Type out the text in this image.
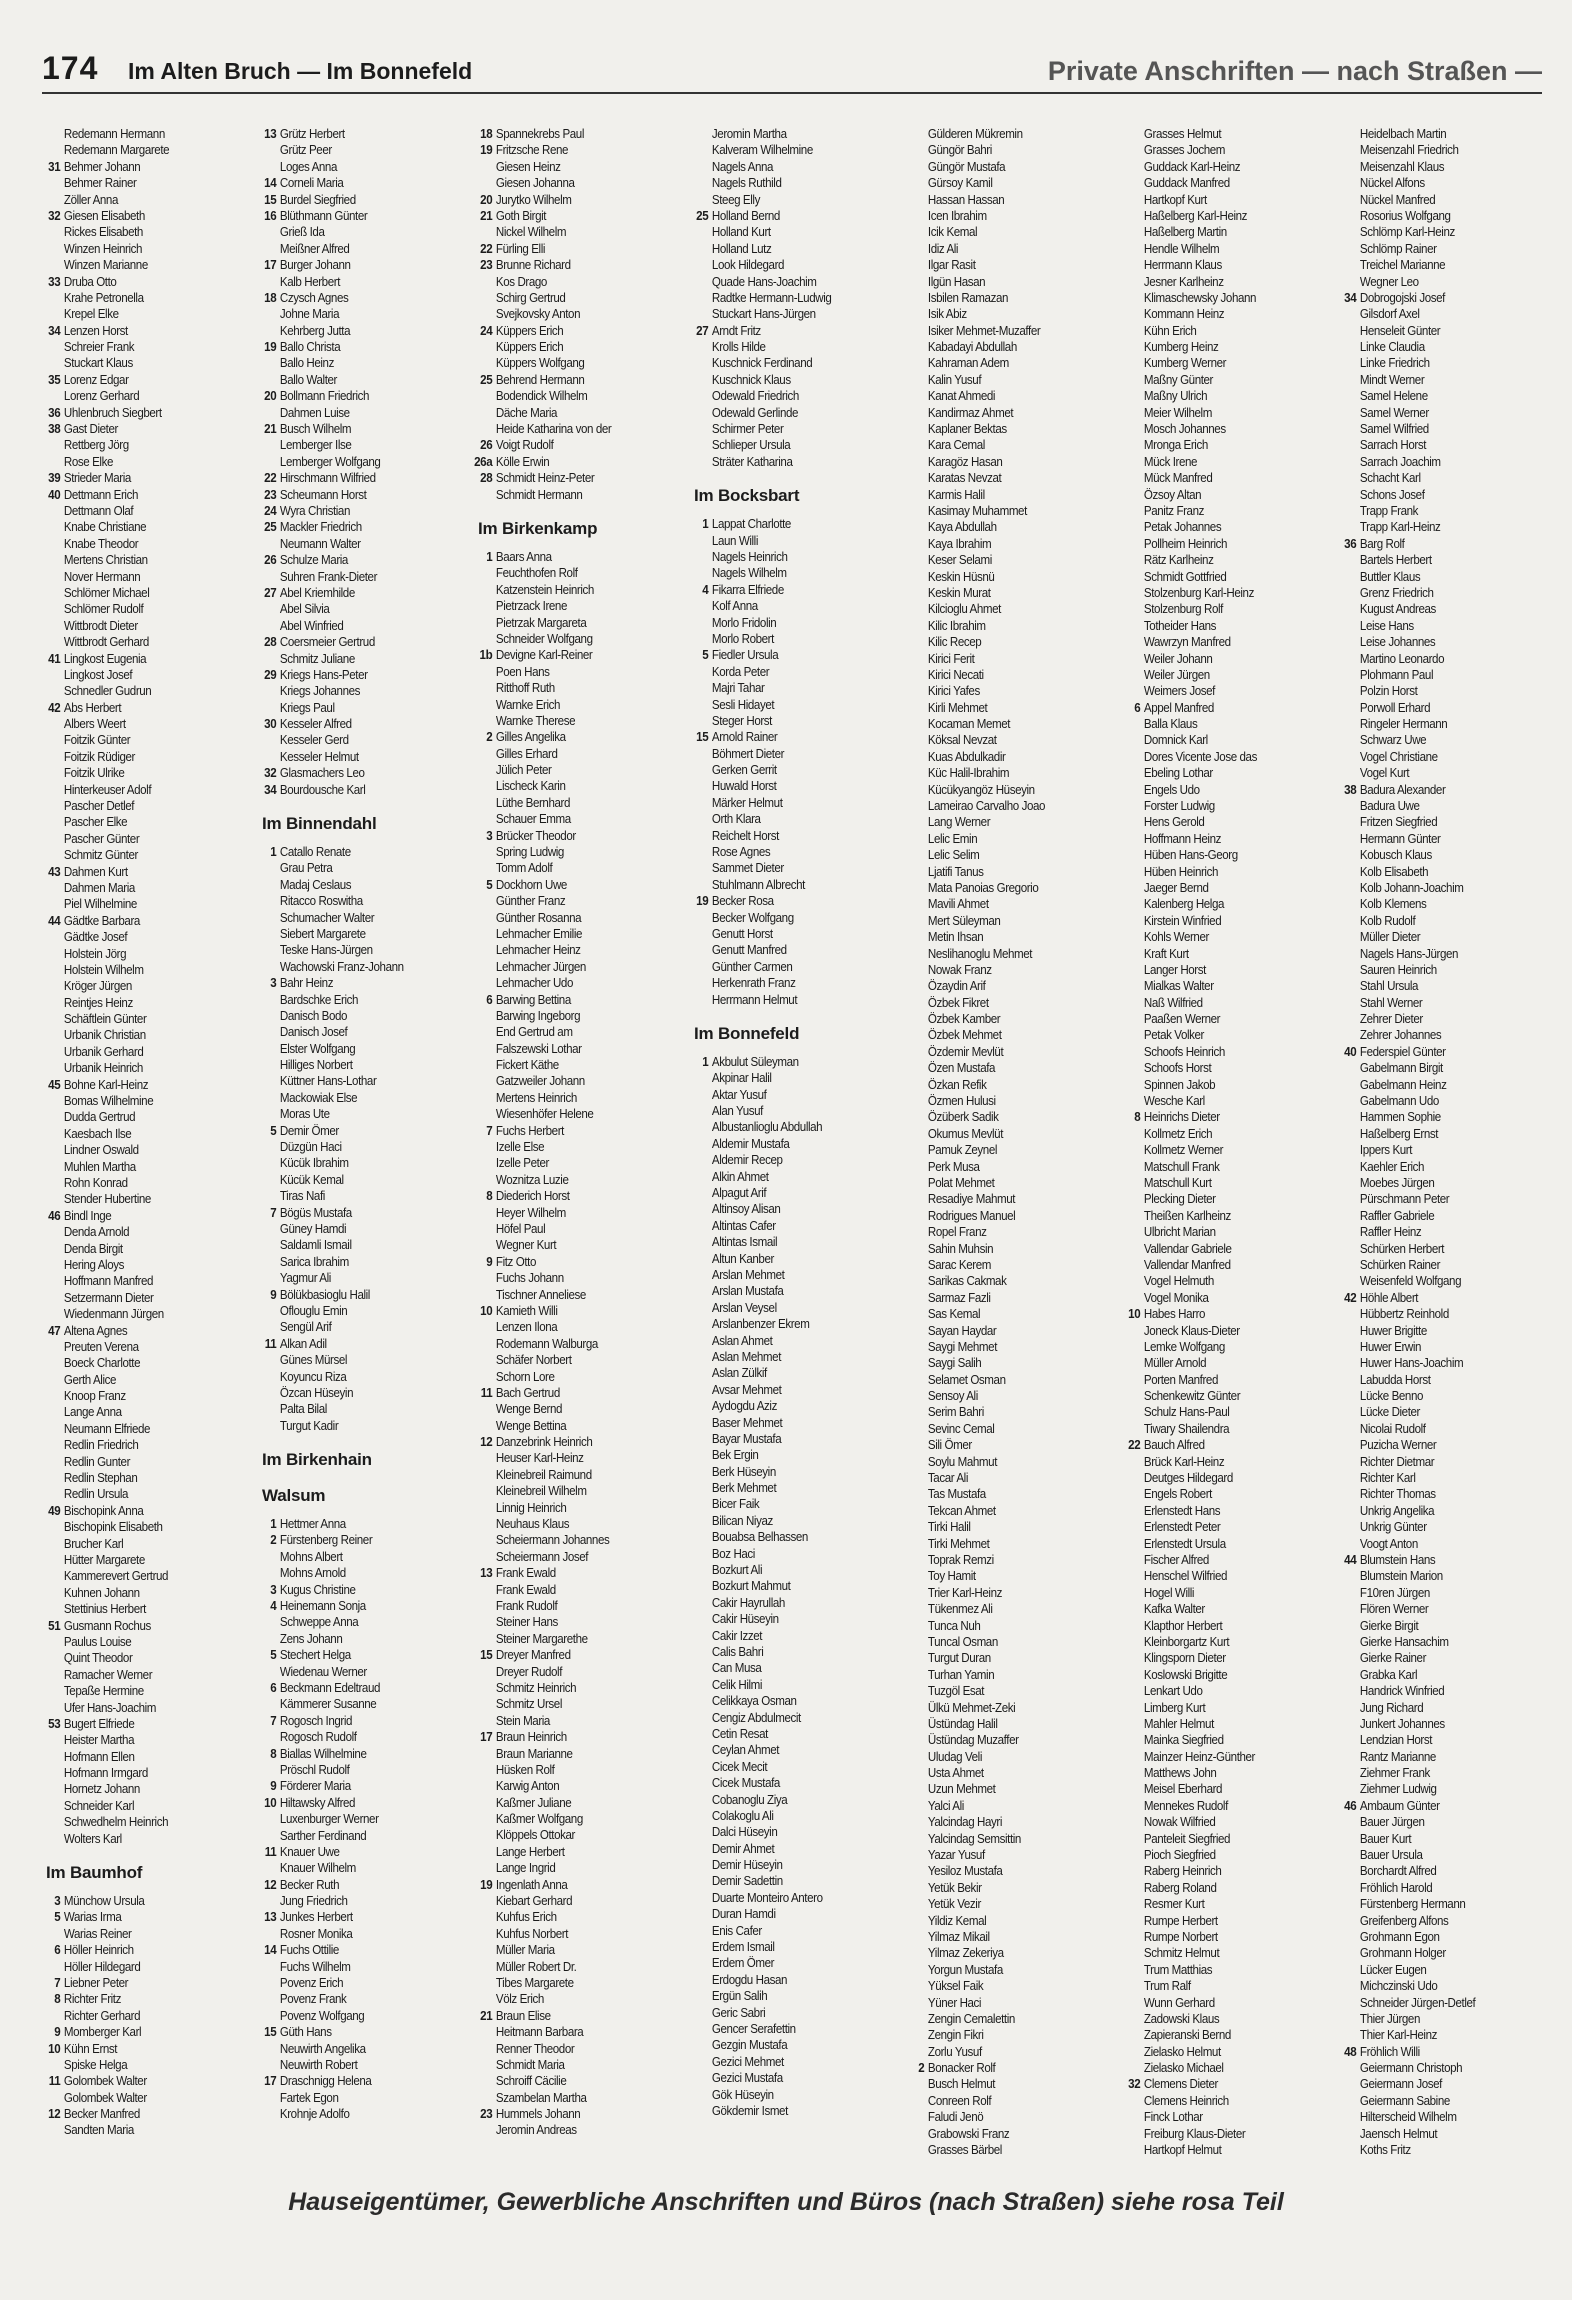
174 Im Alten Bruch — Im Bonnefeld	Private Anschriften — nach Straßen —
Redemann Hermann
Redemann Margarete
31 Behmer Johann
Behmer Rainer
Zöller Anna
32 Giesen Elisabeth
Rickes Elisabeth
Winzen Heinrich
Winzen Marianne
33 Druba Otto
Krahe Petronella
Krepel Elke
34 Lenzen Horst
Schreier Frank
Stuckart Klaus
35 Lorenz Edgar
Lorenz Gerhard
36 Uhlenbruch Siegbert
38 Gast Dieter
Rettberg Jörg
Rose Elke
39 Strieder Maria
40 Dettmann Erich
Dettmann Olaf
Knabe Christiane
Knabe Theodor
Mertens Christian
Nover Hermann
Schlömer Michael
Schlömer Rudolf
Wittbrodt Dieter
Wittbrodt Gerhard
41 Lingkost Eugenia
Lingkost Josef
Schnedler Gudrun
42 Abs Herbert
Albers Weert
Foitzik Günter
Foitzik Rüdiger
Foitzik Ulrike
Hinterkeuser Adolf
Pascher Detlef
Pascher Elke
Pascher Günter
Schmitz Günter
43 Dahmen Kurt
Dahmen Maria
Piel Wilhelmine
44 Gädtke Barbara
Gädtke Josef
Holstein Jörg
Holstein Wilhelm
Kröger Jürgen
Reintjes Heinz
Schäftlein Günter
Urbanik Christian
Urbanik Gerhard
Urbanik Heinrich
45 Bohne Karl-Heinz
Bomas Wilhelmine
Dudda Gertrud
Kaesbach Ilse
Lindner Oswald
Muhlen Martha
Rohn Konrad
Stender Hubertine
46 Bindl Inge
Denda Arnold
Denda Birgit
Hering Aloys
Hoffmann Manfred
Setzermann Dieter
Wiedenmann Jürgen
47 Altena Agnes
Preuten Verena
Boeck Charlotte
Gerth Alice
Knoop Franz
Lange Anna
Neumann Elfriede
Redlin Friedrich
Redlin Gunter
Redlin Stephan
Redlin Ursula
49 Bischopink Anna
Bischopink Elisabeth
Brucher Karl
Hütter Margarete
Kammerevert Gertrud
Kuhnen Johann
Stettinius Herbert
51 Gusmann Rochus
Paulus Louise
Quint Theodor
Ramacher Werner
Tepaße Hermine
Ufer Hans-Joachim
53 Bugert Elfriede
Heister Martha
Hofmann Ellen
Hofmann Irmgard
Hornetz Johann
Schneider Karl
Schwedhelm Heinrich
Wolters Karl
Im Baumhof
3 Münchow Ursula
5 Warias Irma
Warias Reiner
6 Höller Heinrich
Höller Hildegard
7 Liebner Peter
8 Richter Fritz
Richter Gerhard
9 Momberger Karl
10 Kühn Ernst
Spiske Helga
11 Golombek Walter
Golombek Walter
12 Becker Manfred
Sandten Maria
13 Grütz Herbert
Grütz Peer
Loges Anna
14 Corneli Maria
15 Burdel Siegfried
16 Blüthmann Günter
Grieß Ida
Meißner Alfred
17 Burger Johann
Kalb Herbert
18 Czysch Agnes
Johne Maria
Kehrberg Jutta
19 Ballo Christa
Ballo Heinz
Ballo Walter
20 Bollmann Friedrich
Dahmen Luise
21 Busch Wilhelm
Lemberger Ilse
Lemberger Wolfgang
22 Hirschmann Wilfried
23 Scheumann Horst
24 Wyra Christian
25 Mackler Friedrich
Neumann Walter
26 Schulze Maria
Suhren Frank-Dieter
27 Abel Kriemhilde
Abel Silvia
Abel Winfried
28 Coersmeier Gertrud
Schmitz Juliane
29 Kriegs Hans-Peter
Kriegs Johannes
Kriegs Paul
30 Kesseler Alfred
Kesseler Gerd
Kesseler Helmut
32 Glasmachers Leo
34 Bourdousche Karl
Im Binnendahl
1 Catallo Renate
Grau Petra
Madaj Ceslaus
Ritacco Roswitha
Schumacher Walter
Siebert Margarete
Teske Hans-Jürgen
Wachowski Franz-Johann
3 Bahr Heinz
Bardschke Erich
Danisch Bodo
Danisch Josef
Elster Wolfgang
Hilliges Norbert
Küttner Hans-Lothar
Mackowiak Else
Moras Ute
5 Demir Ömer
Düzgün Haci
Kücük Ibrahim
Kücük Kemal
Tiras Nafi
7 Bögüs Mustafa
Güney Hamdi
Saldamli Ismail
Sarica Ibrahim
Yagmur Ali
9 Bölükbasioglu Halil
Oflouglu Emin
Sengül Arif
11 Alkan Adil
Günes Mürsel
Koyuncu Riza
Özcan Hüseyin
Palta Bilal
Turgut Kadir
Im Birkenhain
Walsum
1 Hettmer Anna
2 Fürstenberg Reiner
Mohns Albert
Mohns Arnold
3 Kugus Christine
4 Heinemann Sonja
Schweppe Anna
Zens Johann
5 Stechert Helga
Wiedenau Werner
6 Beckmann Edeltraud
Kämmerer Susanne
7 Rogosch Ingrid
Rogosch Rudolf
8 Biallas Wilhelmine
Pröschl Rudolf
9 Förderer Maria
10 Hiltawsky Alfred
Luxenburger Werner
Sarther Ferdinand
11 Knauer Uwe
Knauer Wilhelm
12 Becker Ruth
Jung Friedrich
13 Junkes Herbert
Rosner Monika
14 Fuchs Ottilie
Fuchs Wilhelm
Povenz Erich
Povenz Frank
Povenz Wolfgang
15 Güth Hans
Neuwirth Angelika
Neuwirth Robert
17 Draschnigg Helena
Fartek Egon
Krohnje Adolfo
18 Spannekrebs Paul
19 Fritzsche Rene
Giesen Heinz
Giesen Johanna
20 Jurytko Wilhelm
21 Goth Birgit
Nickel Wilhelm
22 Fürling Elli
23 Brunne Richard
Kos Drago
Schirg Gertrud
Svejkovsky Anton
24 Küppers Erich
Küppers Erich
Küppers Wolfgang
25 Behrend Hermann
Bodendick Wilhelm
Däche Maria
Heide Katharina von der
26 Voigt Rudolf
26a Kölle Erwin
28 Schmidt Heinz-Peter
Schmidt Hermann
Im Birkenkamp
1 Baars Anna
Feuchthofen Rolf
Katzenstein Heinrich
Pietrzack Irene
Pietrzak Margareta
Schneider Wolfgang
1b Devigne Karl-Reiner
Poen Hans
Ritthoff Ruth
Warnke Erich
Warnke Therese
2 Gilles Angelika
Gilles Erhard
Jülich Peter
Lischeck Karin
Lüthe Bernhard
Schauer Emma
3 Brücker Theodor
Spring Ludwig
Tomm Adolf
5 Dockhorn Uwe
Günther Franz
Günther Rosanna
Lehmacher Emilie
Lehmacher Heinz
Lehmacher Jürgen
Lehmacher Udo
6 Barwing Bettina
Barwing Ingeborg
End Gertrud am
Falszewski Lothar
Fickert Käthe
Gatzweiler Johann
Mertens Heinrich
Wiesenhöfer Helene
7 Fuchs Herbert
Izelle Else
Izelle Peter
Woznitza Luzie
8 Diederich Horst
Heyer Wilhelm
Höfel Paul
Wegner Kurt
9 Fitz Otto
Fuchs Johann
Tischner Anneliese
10 Kamieth Willi
Lenzen Ilona
Rodemann Walburga
Schäfer Norbert
Schorn Lore
11 Bach Gertrud
Wenge Bernd
Wenge Bettina
12 Danzebrink Heinrich
Heuser Karl-Heinz
Kleinebreil Raimund
Kleinebreil Wilhelm
Linnig Heinrich
Neuhaus Klaus
Scheiermann Johannes
Scheiermann Josef
13 Frank Ewald
Frank Ewald
Frank Rudolf
Steiner Hans
Steiner Margarethe
15 Dreyer Manfred
Dreyer Rudolf
Schmitz Heinrich
Schmitz Ursel
Stein Maria
17 Braun Heinrich
Braun Marianne
Hüsken Rolf
Karwig Anton
Kaßmer Juliane
Kaßmer Wolfgang
Klöppels Ottokar
Lange Herbert
Lange Ingrid
19 Ingenlath Anna
Kiebart Gerhard
Kuhfus Erich
Kuhfus Norbert
Müller Maria
Müller Robert Dr.
Tibes Margarete
Völz Erich
21 Braun Elise
Heitmann Barbara
Renner Theodor
Schmidt Maria
Schroiff Cäcilie
Szambelan Martha
23 Hummels Johann
Jeromin Andreas
Jeromin Martha
Kalveram Wilhelmine
Nagels Anna
Nagels Ruthild
Steeg Elly
25 Holland Bernd
Holland Kurt
Holland Lutz
Look Hildegard
Quade Hans-Joachim
Radtke Hermann-Ludwig
Stuckart Hans-Jürgen
27 Arndt Fritz
Krolls Hilde
Kuschnick Ferdinand
Kuschnick Klaus
Odewald Friedrich
Odewald Gerlinde
Schirmer Peter
Schlieper Ursula
Sträter Katharina
Im Bocksbart
1 Lappat Charlotte
Laun Willi
Nagels Heinrich
Nagels Wilhelm
4 Fikarra Elfriede
Kolf Anna
Morlo Fridolin
Morlo Robert
5 Fiedler Ursula
Korda Peter
Majri Tahar
Sesli Hidayet
Steger Horst
15 Arnold Rainer
Böhmert Dieter
Gerken Gerrit
Huwald Horst
Märker Helmut
Orth Klara
Reichelt Horst
Rose Agnes
Sammet Dieter
Stuhlmann Albrecht
19 Becker Rosa
Becker Wolfgang
Genutt Horst
Genutt Manfred
Günther Carmen
Herkenrath Franz
Herrmann Helmut
Im Bonnefeld
1 Akbulut Süleyman
Akpinar Halil
Aktar Yusuf
Alan Yusuf
Albustanlioglu Abdullah
Aldemir Mustafa
Aldemir Recep
Alkin Ahmet
Alpagut Arif
Altinsoy Alisan
Altintas Cafer
Altintas Ismail
Altun Kanber
Arslan Mehmet
Arslan Mustafa
Arslan Veysel
Arslanbenzer Ekrem
Aslan Ahmet
Aslan Mehmet
Aslan Zülkif
Avsar Mehmet
Aydogdu Aziz
Baser Mehmet
Bayar Mustafa
Bek Ergin
Berk Hüseyin
Berk Mehmet
Bicer Faik
Bilican Niyaz
Bouabsa Belhassen
Boz Haci
Bozkurt Ali
Bozkurt Mahmut
Cakir Hayrullah
Cakir Hüseyin
Cakir Izzet
Calis Bahri
Can Musa
Celik Hilmi
Celikkaya Osman
Cengiz Abdulmecit
Cetin Resat
Ceylan Ahmet
Cicek Mecit
Cicek Mustafa
Cobanoglu Ziya
Colakoglu Ali
Dalci Hüseyin
Demir Ahmet
Demir Hüseyin
Demir Sadettin
Duarte Monteiro Antero
Duran Hamdi
Enis Cafer
Erdem Ismail
Erdem Ömer
Erdogdu Hasan
Ergün Salih
Geric Sabri
Gencer Serafettin
Gezgin Mustafa
Gezici Mehmet
Gezici Mustafa
Gök Hüseyin
Gökdemir Ismet
Gülderen Mükremin
Güngör Bahri
Güngör Mustafa
Gürsoy Kamil
Hassan Hassan
Icen Ibrahim
Icik Kemal
Idiz Ali
Ilgar Rasit
Ilgün Hasan
Isbilen Ramazan
Isik Abiz
Isiker Mehmet-Muzaffer
Kabadayi Abdullah
Kahraman Adem
Kalin Yusuf
Kanat Ahmedi
Kandirmaz Ahmet
Kaplaner Bektas
Kara Cemal
Karagöz Hasan
Karatas Nevzat
Karmis Halil
Kasimay Muhammet
Kaya Abdullah
Kaya Ibrahim
Keser Selami
Keskin Hüsnü
Keskin Murat
Kilcioglu Ahmet
Kilic Ibrahim
Kilic Recep
Kirici Ferit
Kirici Necati
Kirici Yafes
Kirli Mehmet
Kocaman Memet
Köksal Nevzat
Kuas Abdulkadir
Küc Halil-Ibrahim
Kücükyangöz Hüseyin
Lameirao Carvalho Joao
Lang Werner
Lelic Emin
Lelic Selim
Ljatifi Tanus
Mata Panoias Gregorio
Mavili Ahmet
Mert Süleyman
Metin Ihsan
Neslihanoglu Mehmet
Nowak Franz
Özaydin Arif
Özbek Fikret
Özbek Kamber
Özbek Mehmet
Özdemir Mevlüt
Özen Mustafa
Özkan Refik
Özmen Hulusi
Özüberk Sadik
Okumus Mevlüt
Pamuk Zeynel
Perk Musa
Polat Mehmet
Resadiye Mahmut
Rodrigues Manuel
Ropel Franz
Sahin Muhsin
Sarac Kerem
Sarikas Cakmak
Sarmaz Fazli
Sas Kemal
Sayan Haydar
Saygi Mehmet
Saygi Salih
Selamet Osman
Sensoy Ali
Serim Bahri
Sevinc Cemal
Sili Ömer
Soylu Mahmut
Tacar Ali
Tas Mustafa
Tekcan Ahmet
Tirki Halil
Tirki Mehmet
Toprak Remzi
Toy Hamit
Trier Karl-Heinz
Tükenmez Ali
Tunca Nuh
Tuncal Osman
Turgut Duran
Turhan Yamin
Tuzgöl Esat
Ülkü Mehmet-Zeki
Üstündag Halil
Üstündag Muzaffer
Uludag Veli
Usta Ahmet
Uzun Mehmet
Yalci Ali
Yalcindag Hayri
Yalcindag Semsittin
Yazar Yusuf
Yesiloz Mustafa
Yetük Bekir
Yetük Vezir
Yildiz Kemal
Yilmaz Mikail
Yilmaz Zekeriya
Yorgun Mustafa
Yüksel Faik
Yüner Haci
Zengin Cemalettin
Zengin Fikri
Zorlu Yusuf
2 Bonacker Rolf
Busch Helmut
Conreen Rolf
Faludi Jenö
Grabowski Franz
Grasses Bärbel
Grasses Helmut
Grasses Jochem
Guddack Karl-Heinz
Guddack Manfred
Hartkopf Kurt
Haßelberg Karl-Heinz
Haßelberg Martin
Hendle Wilhelm
Herrmann Klaus
Jesner Karlheinz
Klimaschewsky Johann
Kommann Heinz
Kühn Erich
Kumberg Heinz
Kumberg Werner
Maßny Günter
Maßny Ulrich
Meier Wilhelm
Mosch Johannes
Mronga Erich
Mück Irene
Mück Manfred
Özsoy Altan
Panitz Franz
Petak Johannes
Pollheim Heinrich
Rätz Karlheinz
Schmidt Gottfried
Stolzenburg Karl-Heinz
Stolzenburg Rolf
Totheider Hans
Wawrzyn Manfred
Weiler Johann
Weiler Jürgen
Weimers Josef
6 Appel Manfred
Balla Klaus
Domnick Karl
Dores Vicente Jose das
Ebeling Lothar
Engels Udo
Forster Ludwig
Hens Gerold
Hoffmann Heinz
Hüben Hans-Georg
Hüben Heinrich
Jaeger Bernd
Kalenberg Helga
Kirstein Winfried
Kohls Werner
Kraft Kurt
Langer Horst
Mialkas Walter
Naß Wilfried
Paaßen Werner
Petak Volker
Schoofs Heinrich
Schoofs Horst
Spinnen Jakob
Wesche Karl
8 Heinrichs Dieter
Kollmetz Erich
Kollmetz Werner
Matschull Frank
Matschull Kurt
Plecking Dieter
Theißen Karlheinz
Ulbricht Marian
Vallendar Gabriele
Vallendar Manfred
Vogel Helmuth
Vogel Monika
10 Habes Harro
Joneck Klaus-Dieter
Lemke Wolfgang
Müller Arnold
Porten Manfred
Schenkewitz Günter
Schulz Hans-Paul
Tiwary Shailendra
22 Bauch Alfred
Brück Karl-Heinz
Deutges Hildegard
Engels Robert
Erlenstedt Hans
Erlenstedt Peter
Erlenstedt Ursula
Fischer Alfred
Henschel Wilfried
Hogel Willi
Kafka Walter
Klapthor Herbert
Kleinborgartz Kurt
Klingsporn Dieter
Koslowski Brigitte
Lenkart Udo
Limberg Kurt
Mahler Helmut
Mainka Siegfried
Mainzer Heinz-Günther
Matthews John
Meisel Eberhard
Mennekes Rudolf
Nowak Wilfried
Panteleit Siegfried
Pioch Siegfried
Raberg Heinrich
Raberg Roland
Resmer Kurt
Rumpe Herbert
Rumpe Norbert
Schmitz Helmut
Trum Matthias
Trum Ralf
Wunn Gerhard
Zadowski Klaus
Zapieranski Bernd
Zielasko Helmut
Zielasko Michael
32 Clemens Dieter
Clemens Heinrich
Finck Lothar
Freiburg Klaus-Dieter
Hartkopf Helmut
Heidelbach Martin
Meisenzahl Friedrich
Meisenzahl Klaus
Nückel Alfons
Nückel Manfred
Rosorius Wolfgang
Schlömp Karl-Heinz
Schlömp Rainer
Treichel Marianne
Wegner Leo
34 Dobrogojski Josef
Gilsdorf Axel
Henseleit Günter
Linke Claudia
Linke Friedrich
Mindt Werner
Samel Helene
Samel Werner
Samel Wilfried
Sarrach Horst
Sarrach Joachim
Schacht Karl
Schons Josef
Trapp Frank
Trapp Karl-Heinz
36 Barg Rolf
Bartels Herbert
Buttler Klaus
Grenz Friedrich
Kugust Andreas
Leise Hans
Leise Johannes
Martino Leonardo
Plohmann Paul
Polzin Horst
Porwoll Erhard
Ringeler Hermann
Schwarz Uwe
Vogel Christiane
Vogel Kurt
38 Badura Alexander
Badura Uwe
Fritzen Siegfried
Hermann Günter
Kobusch Klaus
Kolb Elisabeth
Kolb Johann-Joachim
Kolb Klemens
Kolb Rudolf
Müller Dieter
Nagels Hans-Jürgen
Sauren Heinrich
Stahl Ursula
Stahl Werner
Zehrer Dieter
Zehrer Johannes
40 Federspiel Günter
Gabelmann Birgit
Gabelmann Heinz
Gabelmann Udo
Hammen Sophie
Haßelberg Ernst
Ippers Kurt
Kaehler Erich
Moebes Jürgen
Pürschmann Peter
Raffler Gabriele
Raffler Heinz
Schürken Herbert
Schürken Rainer
Weisenfeld Wolfgang
42 Höhle Albert
Hübbertz Reinhold
Huwer Brigitte
Huwer Erwin
Huwer Hans-Joachim
Labudda Horst
Lücke Benno
Lücke Dieter
Nicolai Rudolf
Puzicha Werner
Richter Dietmar
Richter Karl
Richter Thomas
Unkrig Angelika
Unkrig Günter
Voogt Anton
44 Blumstein Hans
Blumstein Marion
F10ren Jürgen
Flören Werner
Gierke Birgit
Gierke Hansachim
Gierke Rainer
Grabka Karl
Handrick Winfried
Jung Richard
Junkert Johannes
Lendzian Horst
Rantz Marianne
Ziehmer Frank
Ziehmer Ludwig
46 Ambaum Günter
Bauer Jürgen
Bauer Kurt
Bauer Ursula
Borchardt Alfred
Fröhlich Harold
Fürstenberg Hermann
Greifenberg Alfons
Grohmann Egon
Grohmann Holger
Lücker Eugen
Michczinski Udo
Schneider Jürgen-Detlef
Thier Jürgen
Thier Karl-Heinz
48 Fröhlich Willi
Geiermann Christoph
Geiermann Josef
Geiermann Sabine
Hilterscheid Wilhelm
Jaensch Helmut
Koths Fritz
Hauseigentümer, Gewerbliche Anschriften und Büros (nach Straßen) siehe rosa Teil
